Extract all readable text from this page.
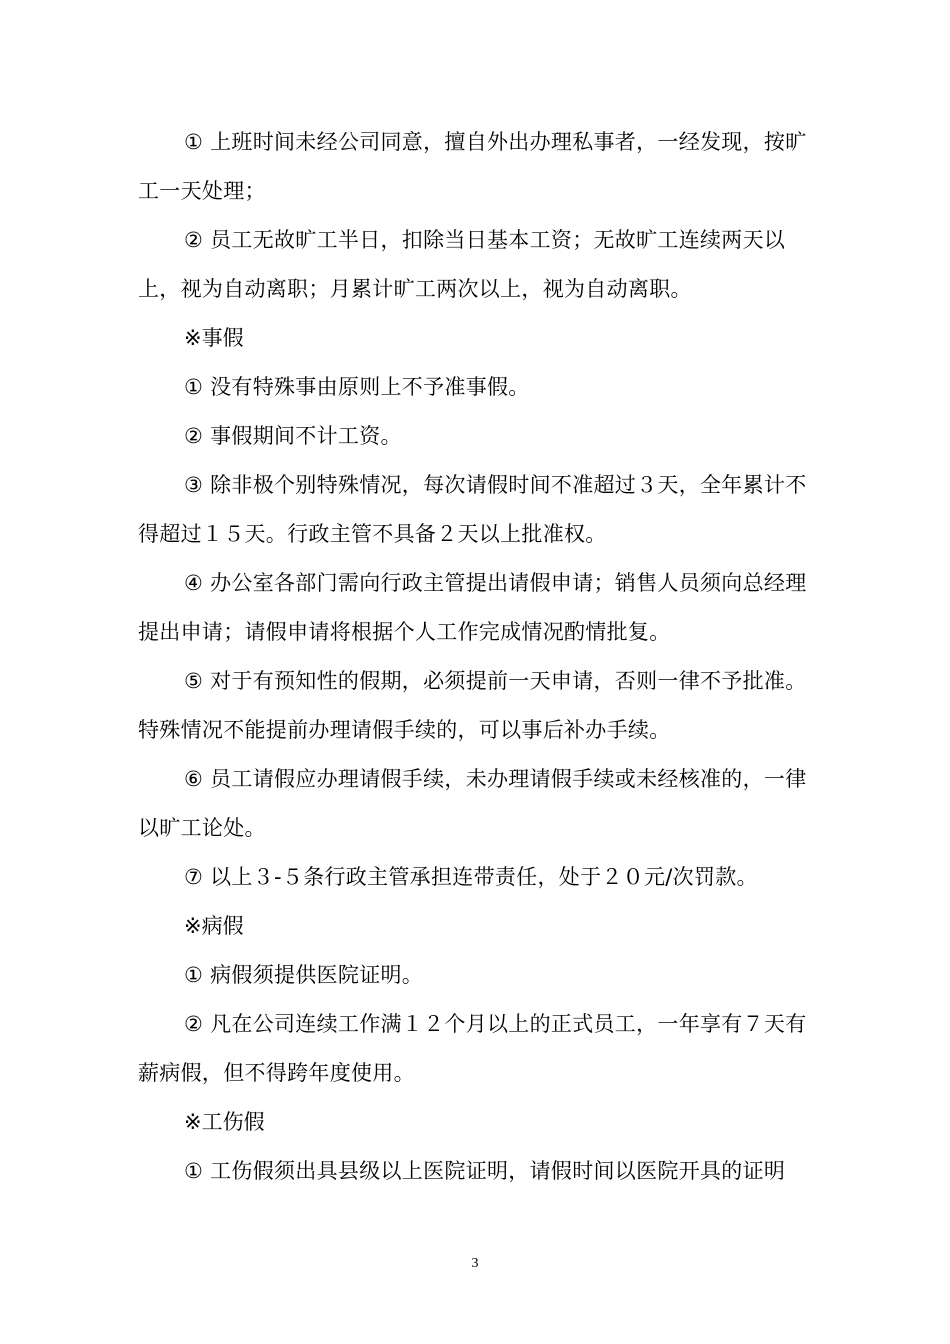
① 上班时间未经公司同意，擅自外出办理私事者，一经发现，按旷工一天处理；

② 员工无故旷工半日，扣除当日基本工资；无故旷工连续两天以上，视为自动离职；月累计旷工两次以上，视为自动离职。

※事假

① 没有特殊事由原则上不予准事假。

② 事假期间不计工资。

③ 除非极个别特殊情况，每次请假时间不准超过３天，全年累计不得超过１５天。行政主管不具备２天以上批准权。

④ 办公室各部门需向行政主管提出请假申请；销售人员须向总经理提出申请；请假申请将根据个人工作完成情况酌情批复。

⑤ 对于有预知性的假期，必须提前一天申请，否则一律不予批准。特殊情况不能提前办理请假手续的，可以事后补办手续。

⑥ 员工请假应办理请假手续，未办理请假手续或未经核准的，一律以旷工论处。

⑦ 以上３-５条行政主管承担连带责任，处于２０元/次罚款。

※病假

① 病假须提供医院证明。

② 凡在公司连续工作满１２个月以上的正式员工，一年享有７天有薪病假，但不得跨年度使用。

※工伤假

① 工伤假须出具县级以上医院证明，请假时间以医院开具的证明

3
